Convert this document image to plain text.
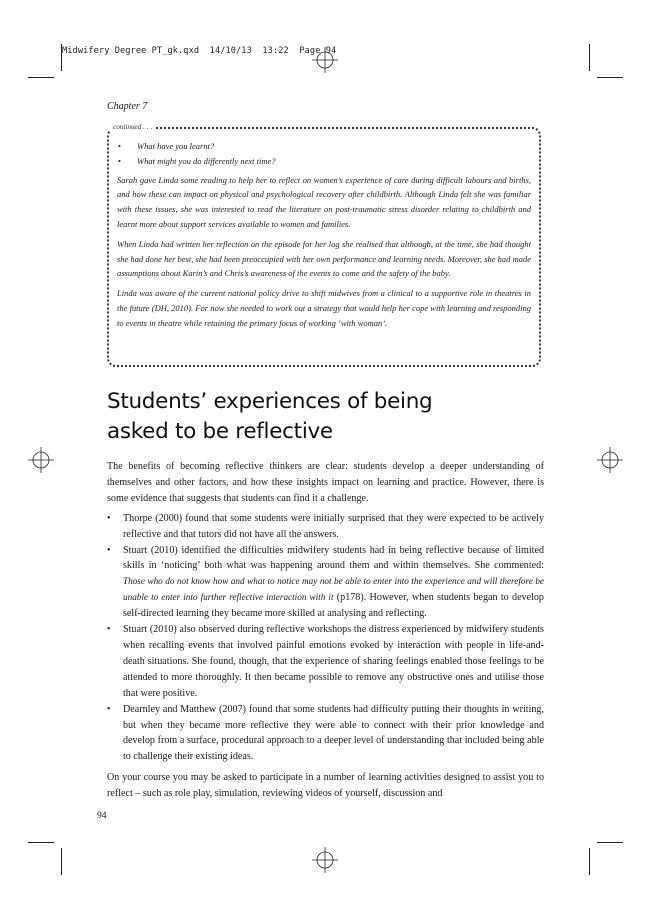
Midwifery Degree PT_gk.qxd  14/10/13  13:22  Page 94
Chapter 7
continued . . .
• What have you learnt?
• What might you do differently next time?

Sarah gave Linda some reading to help her to reflect on women’s experience of care during difficult labours and births, and how these can impact on physical and psychological recovery after childbirth. Although Linda felt she was familiar with these issues, she was interested to read the literature on post-traumatic stress disorder relating to childbirth and learnt more about support services available to women and families.

When Linda had written her reflection on the episode for her log she realised that although, at the time, she had thought she had done her best, she had been preoccupied with her own performance and learning needs. Moreover, she had made assumptions about Karin’s and Chris’s awareness of the events to come and the safety of the baby.

Linda was aware of the current national policy drive to shift midwives from a clinical to a supportive role in theatres in the future (DH, 2010). For now she needed to work out a strategy that would help her cope with learning and responding to events in theatre while retaining the primary focus of working ‘with woman’.

Students’ experiences of being
asked to be reflective

The benefits of becoming reflective thinkers are clear: students develop a deeper understanding of themselves and other factors, and how these insights impact on learning and practice. However, there is some evidence that suggests that students can find it a challenge.

• Thorpe (2000) found that some students were initially surprised that they were expected to be actively reflective and that tutors did not have all the answers.
• Stuart (2010) identified the difficulties midwifery students had in being reflective because of limited skills in ‘noticing’ both what was happening around them and within themselves. She commented: Those who do not know how and what to notice may not be able to enter into the experience and will therefore be unable to enter into further reflective interaction with it (p178). However, when students began to develop self-directed learning they became more skilled at analysing and reflecting.
• Stuart (2010) also observed during reflective workshops the distress experienced by midwifery students when recalling events that involved painful emotions evoked by interaction with people in life-and-death situations. She found, though, that the experience of sharing feelings enabled those feelings to be attended to more thoroughly. It then became possible to remove any obstructive ones and utilise those that were positive.
• Dearnley and Matthew (2007) found that some students had difficulty putting their thoughts in writing, but when they became more reflective they were able to connect with their prior knowledge and develop from a surface, procedural approach to a deeper level of understanding that included being able to challenge their existing ideas.

On your course you may be asked to participate in a number of learning activities designed to assist you to reflect – such as role play, simulation, reviewing videos of yourself, discussion and

94
